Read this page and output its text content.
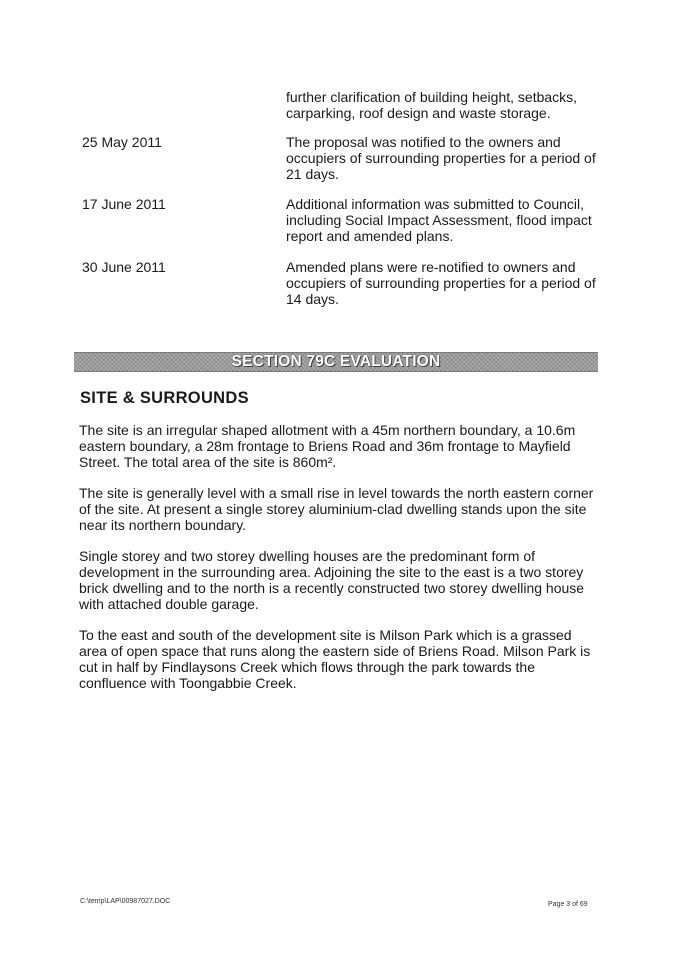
further clarification of building height, setbacks, carparking, roof design and waste storage.
25 May 2011	The proposal was notified to the owners and occupiers of surrounding properties for a period of 21 days.
17 June 2011	Additional information was submitted to Council, including Social Impact Assessment, flood impact report and amended plans.
30 June 2011	Amended plans were re-notified to owners and occupiers of surrounding properties for a period of 14 days.
SECTION 79C EVALUATION
SITE & SURROUNDS
The site is an irregular shaped allotment with a 45m northern boundary, a 10.6m eastern boundary, a 28m frontage to Briens Road and 36m frontage to Mayfield Street. The total area of the site is 860m².
The site is generally level with a small rise in level towards the north eastern corner of the site. At present a single storey aluminium-clad dwelling stands upon the site near its northern boundary.
Single storey and two storey dwelling houses are the predominant form of development in the surrounding area. Adjoining the site to the east is a two storey brick dwelling and to the north is a recently constructed two storey dwelling house with attached double garage.
To the east and south of the development site is Milson Park which is a grassed area of open space that runs along the eastern side of Briens Road. Milson Park is cut in half by Findlaysons Creek which flows through the park towards the confluence with Toongabbie Creek.
C:\temp\LAP\00987027.DOC	Page 3 of 69
